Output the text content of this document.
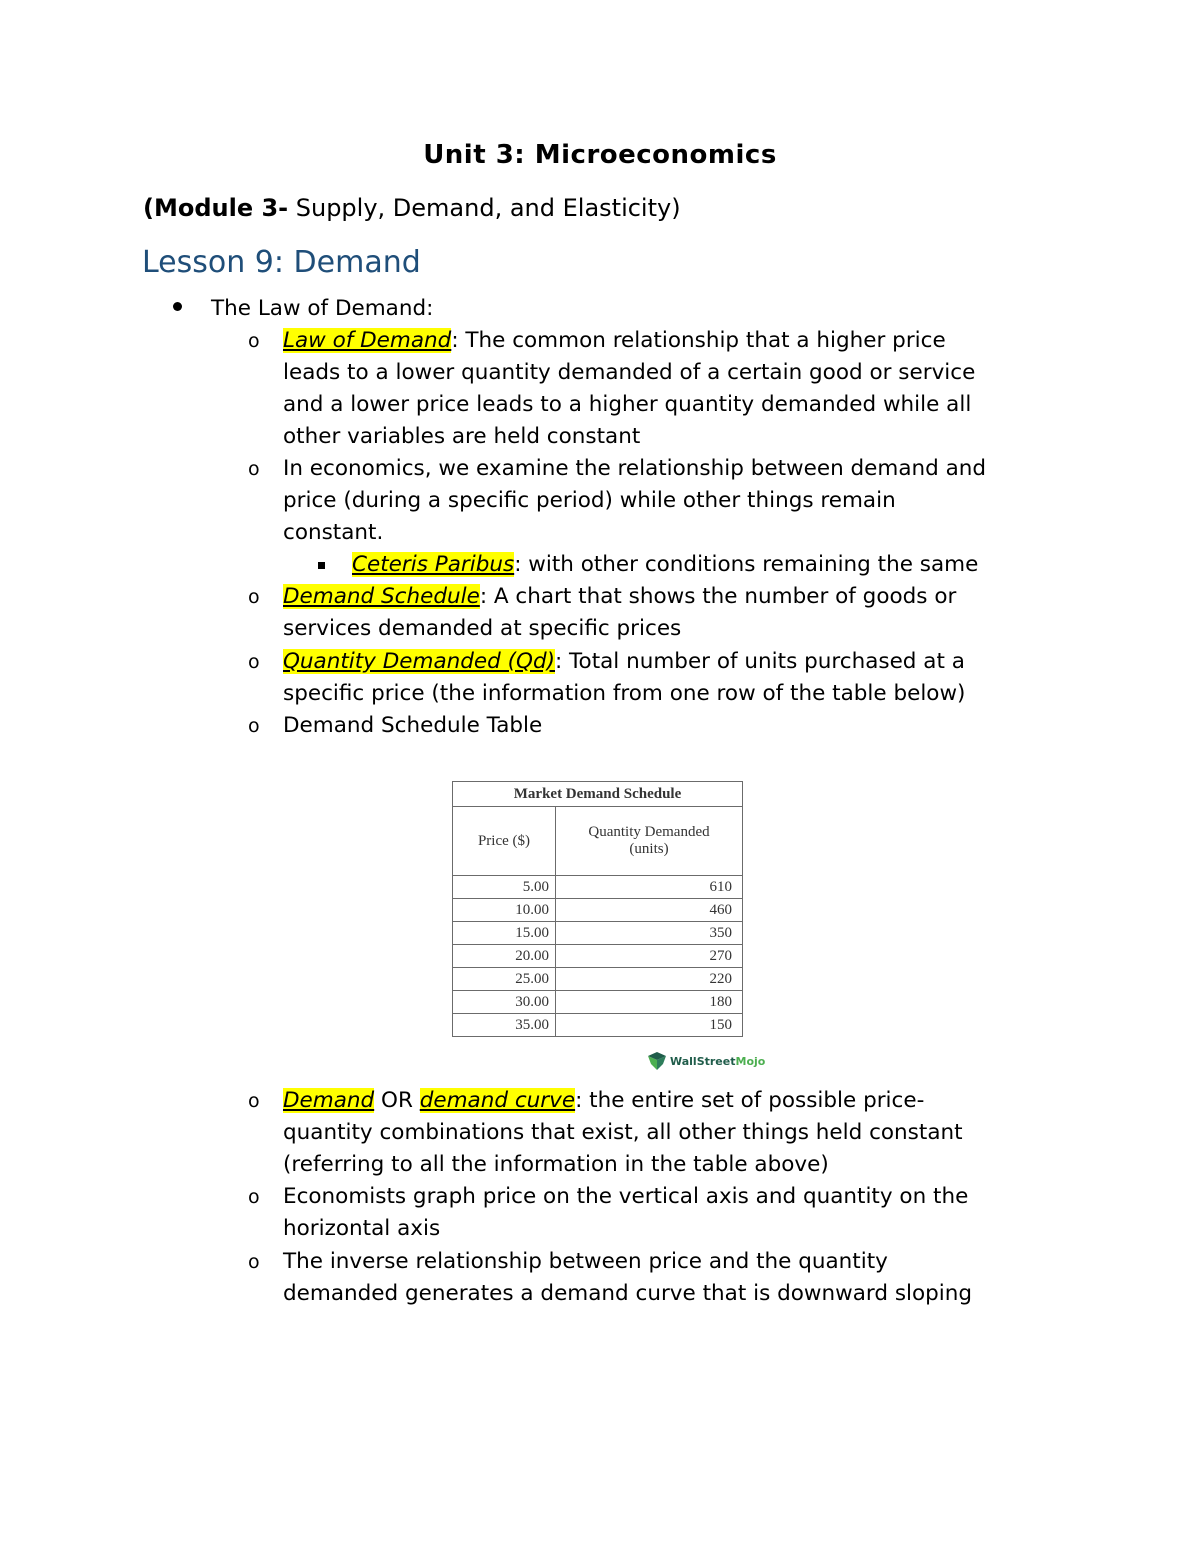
Unit 3: Microeconomics
(Module 3- Supply, Demand, and Elasticity)
Lesson 9: Demand
The Law of Demand:
o Law of Demand: The common relationship that a higher price
leads to a lower quantity demanded of a certain good or service
and a lower price leads to a higher quantity demanded while all
other variables are held constant
o In economics, we examine the relationship between demand and
price (during a specific period) while other things remain
constant.
Ceteris Paribus: with other conditions remaining the same
o Demand Schedule: A chart that shows the number of goods or
services demanded at specific prices
o Quantity Demanded (Qd): Total number of units purchased at a
specific price (the information from one row of the table below)
o Demand Schedule Table
Market Demand Schedule	
Price ($)	Quantity Demanded
(units)

5.00	610
10.00	460
15.00	350
20.00	270
25.00	220
30.00	180
35.00	150
WallStreetMojo
o Demand OR demand curve: the entire set of possible price-
quantity combinations that exist, all other things held constant
(referring to all the information in the table above)
o Economists graph price on the vertical axis and quantity on the
horizontal axis
o The inverse relationship between price and the quantity
demanded generates a demand curve that is downward sloping
